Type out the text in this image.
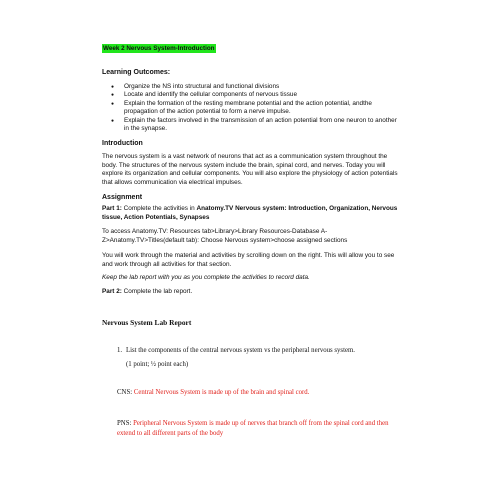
Week 2 Nervous System-Introduction
Learning Outcomes:
● Organize the NS into structural and functional divisions
● Locate and identify the cellular components of nervous tissue
● Explain the formation of the resting membrane potential and the action potential, andthe propagation of the action potential to form a nerve impulse.
● Explain the factors involved in the transmission of an action potential from one neuron to another in the synapse.
Introduction
The nervous system is a vast network of neurons that act as a communication system throughout the body. The structures of the nervous system include the brain, spinal cord, and nerves. Today you will explore its organization and cellular components. You will also explore the physiology of action potentials that allows communication via electrical impulses.
Assignment
Part 1: Complete the activities in Anatomy.TV Nervous system: Introduction, Organization, Nervous tissue, Action Potentials, Synapses
To access Anatomy.TV: Resources tab>Library>Library Resources-Database A-Z>Anatomy.TV>Titles(default tab): Choose Nervous system>choose assigned sections
You will work through the material and activities by scrolling down on the right. This will allow you to see and work through all activities for that section.
Keep the lab report with you as you complete the activities to record data.
Part 2: Complete the lab report.
Nervous System Lab Report
1. List the components of the central nervous system vs the peripheral nervous system.
(1 point; ½ point each)
CNS: Central Nervous System is made up of the brain and spinal cord.
PNS: Peripheral Nervous System is made up of nerves that branch off from the spinal cord and then extend to all different parts of the body
